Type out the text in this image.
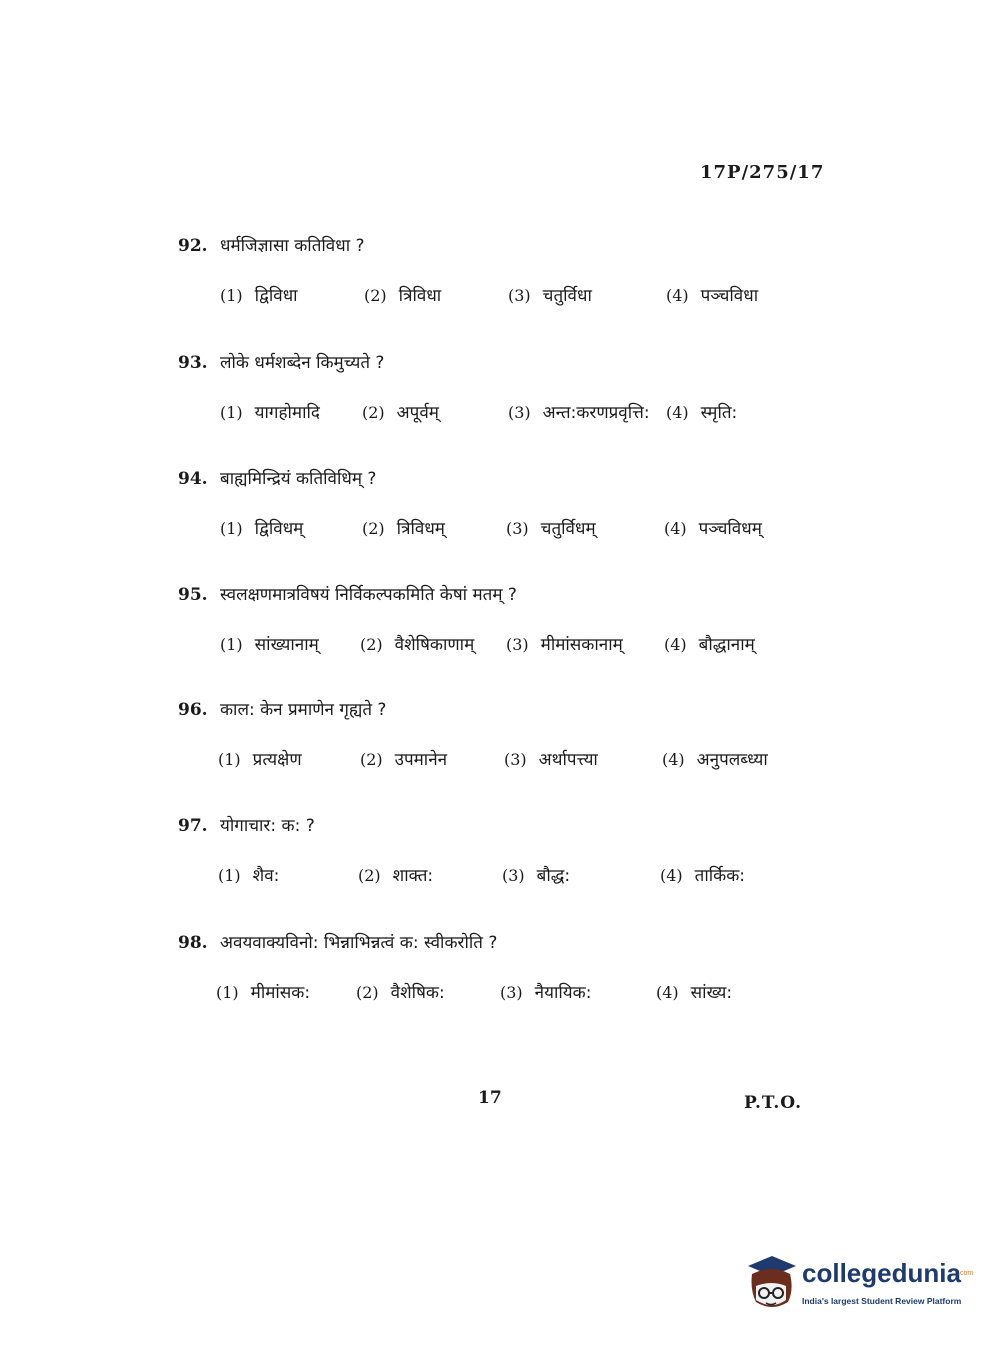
17P/275/17
92. धर्मजिज्ञासा कतिविधा ?
(1) द्विविधा	(2) त्रिविधा	(3) चतुर्विधा	(4) पञ्चविधा
93. लोके धर्मशब्देन किमुच्यते ?
(1) यागहोमादि	(2) अपूर्वम्	(3) अन्त:करणप्रवृत्ति: (4) स्मृति:
94. बाह्यमिन्द्रियं कतिविधिम् ?
(1) द्विविधम्	(2) त्रिविधम्	(3) चतुर्विधम्	(4) पञ्चविधम्
95. स्वलक्षणमात्रविषयं निर्विकल्पकमिति केषां मतम् ?
(1) सांख्यानाम्	(2) वैशेषिकाणाम् (3) मीमांसकानाम्	(4) बौद्धानाम्
96. काल: केन प्रमाणेन गृह्यते ?
(1) प्रत्यक्षेण	(2) उपमानेन	(3) अर्थापत्त्या	(4) अनुपलब्ध्या
97. योगाचार: क: ?
(1) शैव:	(2) शाक्त:	(3) बौद्ध:	(4) तार्किक:
98. अवयवाक्यविनो: भिन्नाभिन्नत्वं क: स्वीकरोति ?
(1) मीमांसक:	(2) वैशेषिक:	(3) नैयायिक:	(4) सांख्य:
17	P.T.O.
collegedunia
.com
India's largest Student Review Platform
